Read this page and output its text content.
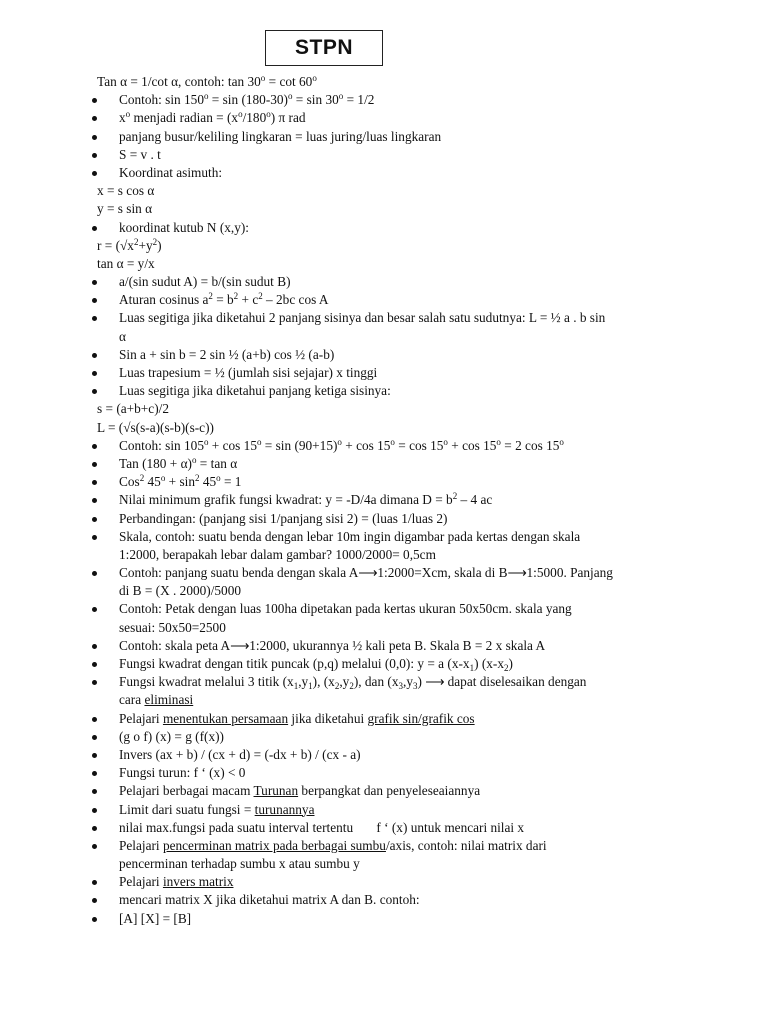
STPN
Tan α = 1/cot α, contoh: $\tan 30^o = \cot 60^o$
Contoh: $\sin 150^o = \sin (180-30)^o = \sin 30^o = 1/2$
$x^o$ menjadi radian = $(x^o/180^o)$ π rad
panjang busur/keliling lingkaran = luas juring/luas lingkaran
S = v . t
Koordinat asimuth:
x = s cos α
y = s sin α
koordinat kutub N (x,y):
$r = (√x^2+y^2)$
tan α = y/x
a/(sin sudut A) = b/(sin sudut B)
Aturan cosinus $a^2 = b^2 + c^2 - 2bc$ cos A
Luas segitiga jika diketahui 2 panjang sisinya dan besar salah satu sudutnya: L = ½ a . b sin
α
Sin a + sin b = 2 sin ½ (a+b) cos ½ (a-b)
Luas trapesium = ½ (jumlah sisi sejajar) x tinggi
Luas segitiga jika diketahui panjang ketiga sisinya:
s = (a+b+c)/2
L = (√s(s-a)(s-b)(s-c))
Contoh: $\sin 105^o + \cos 15^o = \sin (90+15)^o + \cos 15^o = \cos 15^o + \cos 15^o = 2$ cos 15$^o$
Tan $(180 + \alpha)^o = \tan \alpha$
Cos$^2$ $45^o + \sin^2 45^o = 1$
Nilai minimum grafik fungsi kwadrat: y = -D/4a dimana $D = b^2 - 4$ ac
Perbandingan: (panjang sisi 1/panjang sisi 2) = (luas 1/luas 2)
Skala, contoh: suatu benda dengan lebar 10m ingin digambar pada kertas dengan skala
1:2000, berapakah lebar dalam gambar? 1000/2000= 0,5cm
Contoh: panjang suatu benda dengan skala A⟶1:2000=Xcm, skala di B⟶1:5000. Panjang
di B = (X . 2000)/5000
Contoh: Petak dengan luas 100ha dipetakan pada kertas ukuran 50x50cm. skala yang
sesuai: 50x50=2500
Contoh: skala peta A⟶1:2000, ukurannya ½ kali peta B. Skala B = 2 x skala A
Fungsi kwadrat dengan titik puncak (p,q) melalui (0,0): y = a $(x-x_1)$ $(x-x_2)$
Fungsi kwadrat melalui 3 titik $(x_1,y_1)$, $(x_2,y_2)$, dan $(x_3,y_3)$ ⟶ dapat diselesaikan dengan
cara eliminasi
Pelajari menentukan persamaan jika diketahui grafik sin/grafik cos
(g o f) (x) = g (f(x))
Invers (ax + b) / (cx + d) = (-dx + b) / (cx - a)
Fungsi turun: f ‘ (x) < 0
Pelajari berbagai macam Turunan berpangkat dan penyeleseaiannya
Limit dari suatu fungsi = turunannya
nilai max.fungsi pada suatu interval tertentu       f ‘ (x) untuk mencari nilai x
Pelajari pencerminan matrix pada berbagai sumbu/axis, contoh: nilai matrix dari
pencerminan terhadap sumbu x atau sumbu y
Pelajari invers matrix
mencari matrix X jika diketahui matrix A dan B. contoh:
[A] [X] = [B]
